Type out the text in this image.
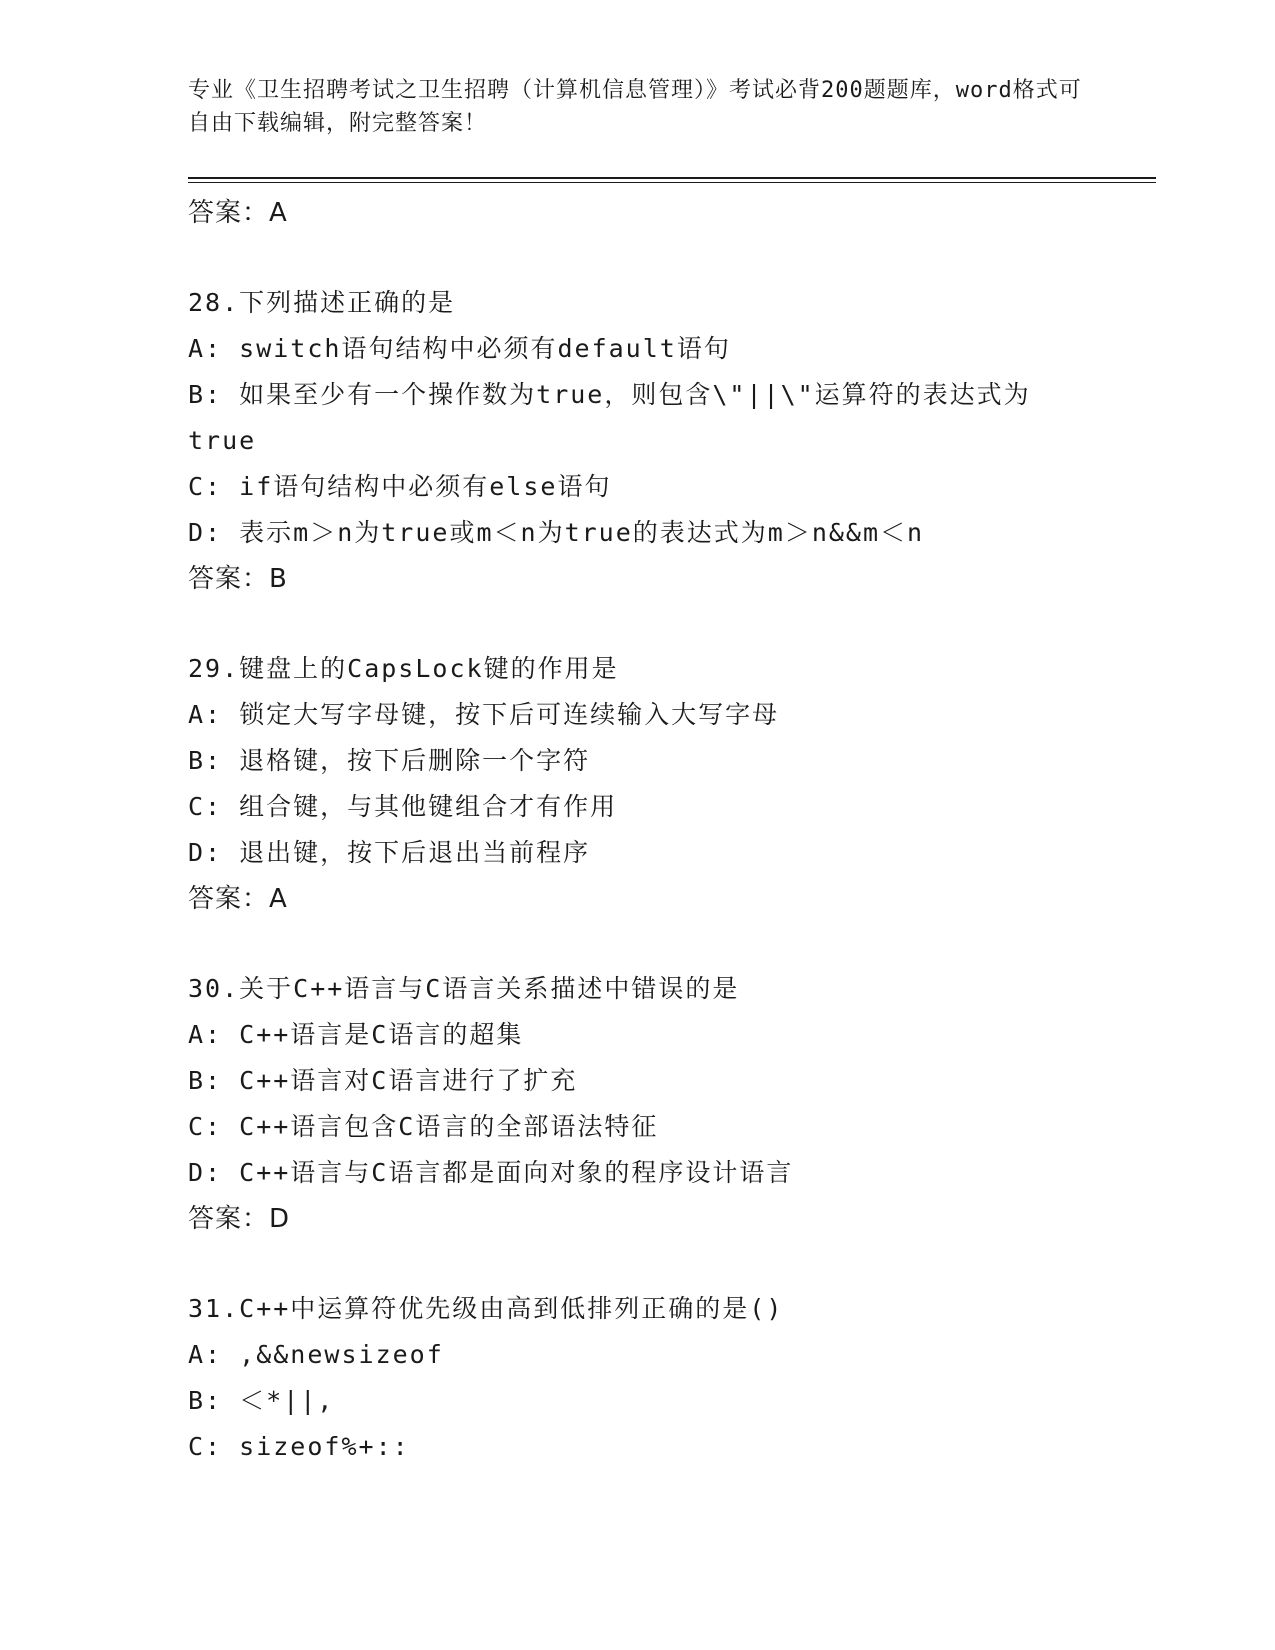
专业《卫生招聘考试之卫生招聘（计算机信息管理）》考试必背200题题库，word格式可自由下载编辑，附完整答案！
答案：A
28.下列描述正确的是
A: switch语句结构中必须有default语句
B: 如果至少有一个操作数为true，则包含\"||\"运算符的表达式为
true
C: if语句结构中必须有else语句
D: 表示m＞n为true或m＜n为true的表达式为m＞n&&m＜n
答案：B
29.键盘上的CapsLock键的作用是
A: 锁定大写字母键，按下后可连续输入大写字母
B: 退格键，按下后删除一个字符
C: 组合键，与其他键组合才有作用
D: 退出键，按下后退出当前程序
答案：A
30.关于C++语言与C语言关系描述中错误的是
A: C++语言是C语言的超集
B: C++语言对C语言进行了扩充
C: C++语言包含C语言的全部语法特征
D: C++语言与C语言都是面向对象的程序设计语言
答案：D
31.C++中运算符优先级由高到低排列正确的是()
A: ,&&newsizeof
B: ＜*||,
C: sizeof%+::
